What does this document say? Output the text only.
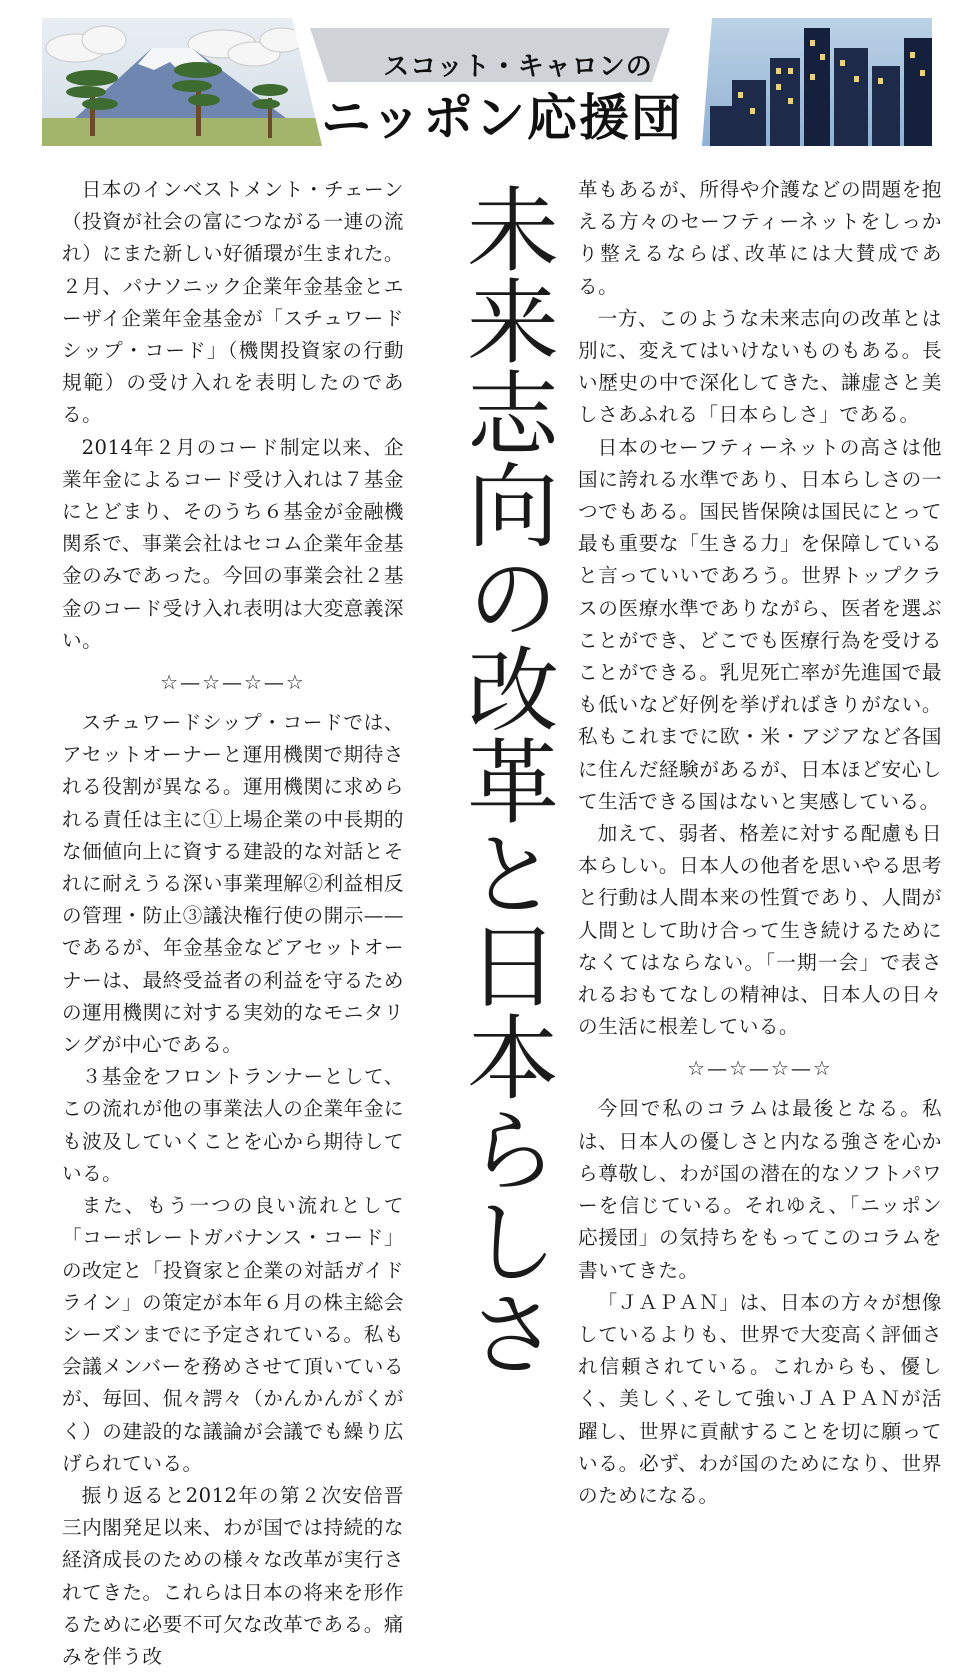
スコット・キャロンの
ニッポン応援団

日本のインベストメント・チェーン（投資が社会の富につながる一連の流れ）にまた新しい好循環が生まれた。２月、パナソニック企業年金基金とエーザイ企業年金基金が「スチュワードシップ・コード」（機関投資家の行動規範）の受け入れを表明したのである。

2014年２月のコード制定以来、企業年金によるコード受け入れは７基金にとどまり、そのうち６基金が金融機関系で、事業会社はセコム企業年金基金のみであった。今回の事業会社２基金のコード受け入れ表明は大変意義深い。

☆—☆—☆—☆

スチュワードシップ・コードでは、アセットオーナーと運用機関で期待される役割が異なる。運用機関に求められる責任は主に①上場企業の中長期的な価値向上に資する建設的な対話とそれに耐えうる深い事業理解②利益相反の管理・防止③議決権行使の開示——であるが、年金基金などアセットオーナーは、最終受益者の利益を守るための運用機関に対する実効的なモニタリングが中心である。

３基金をフロントランナーとして、この流れが他の事業法人の企業年金にも波及していくことを心から期待している。

また、もう一つの良い流れとして「コーポレートガバナンス・コード」の改定と「投資家と企業の対話ガイドライン」の策定が本年６月の株主総会シーズンまでに予定されている。私も会議メンバーを務めさせて頂いているが、毎回、侃々諤々（かんかんがくがく）の建設的な議論が会議でも繰り広げられている。

振り返ると2012年の第２次安倍晋三内閣発足以来、わが国では持続的な経済成長のための様々な改革が実行されてきた。これらは日本の将来を形作るために必要不可欠な改革である。痛みを伴う改

未来志向の改革と日本らしさ 革もあるが、所得や介護などの問題を抱える方々のセーフティーネットをしっかり整えるならば､改革には大賛成である。

一方、このような未来志向の改革とは別に、変えてはいけないものもある。長い歴史の中で深化してきた、謙虚さと美しさあふれる「日本らしさ」である。

日本のセーフティーネットの高さは他国に誇れる水準であり、日本らしさの一つでもある。国民皆保険は国民にとって最も重要な「生きる力」を保障していると言っていいであろう。世界トップクラスの医療水準でありながら、医者を選ぶことができ、どこでも医療行為を受けることができる。乳児死亡率が先進国で最も低いなど好例を挙げればきりがない。私もこれまでに欧・米・アジアなど各国に住んだ経験があるが、日本ほど安心して生活できる国はないと実感している。

加えて、弱者、格差に対する配慮も日本らしい。日本人の他者を思いやる思考と行動は人間本来の性質であり、人間が人間として助け合って生き続けるためになくてはならない。「一期一会」で表されるおもてなしの精神は、日本人の日々の生活に根差している。

☆—☆—☆—☆

今回で私のコラムは最後となる。私は、日本人の優しさと内なる強さを心から尊敬し、わが国の潜在的なソフトパワーを信じている。それゆえ、「ニッポン応援団」の気持ちをもってこのコラムを書いてきた。

「ＪＡＰＡＮ」は、日本の方々が想像しているよりも、世界で大変高く評価され信頼されている。これからも、優しく、美しく､そして強いＪＡＰＡＮが活躍し、世界に貢献することを切に願っている。必ず、わが国のためになり、世界のためになる。
